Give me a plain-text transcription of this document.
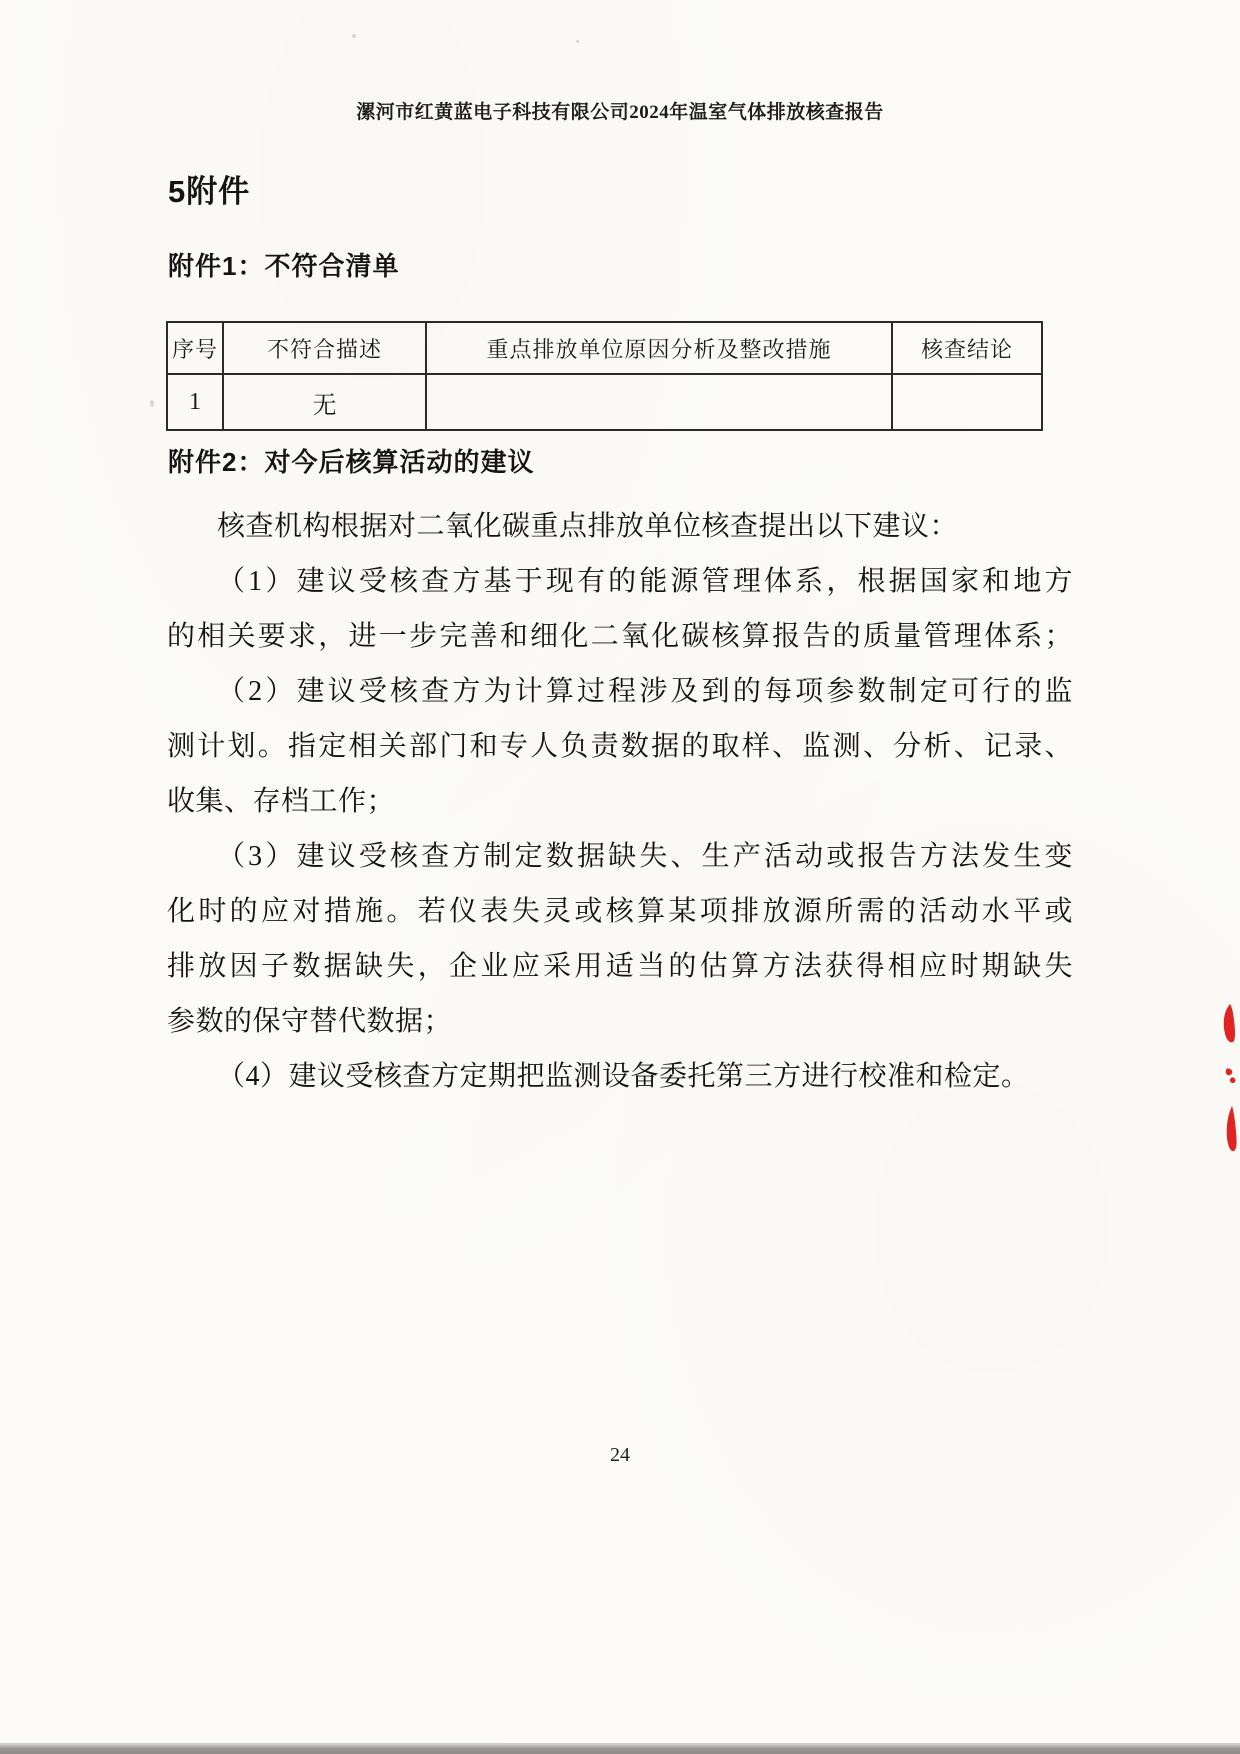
漯河市红黄蓝电子科技有限公司2024年温室气体排放核查报告
5附件
附件1：不符合清单
序号	不符合描述	重点排放单位原因分析及整改措施	核查结论
1	无		
附件2：对今后核算活动的建议
核查机构根据对二氧化碳重点排放单位核查提出以下建议：
（1）建议受核查方基于现有的能源管理体系，根据国家和地方
的相关要求，进一步完善和细化二氧化碳核算报告的质量管理体系；
（2）建议受核查方为计算过程涉及到的每项参数制定可行的监
测计划。指定相关部门和专人负责数据的取样、监测、分析、记录、
收集、存档工作；
（3）建议受核查方制定数据缺失、生产活动或报告方法发生变
化时的应对措施。若仪表失灵或核算某项排放源所需的活动水平或
排放因子数据缺失，企业应采用适当的估算方法获得相应时期缺失
参数的保守替代数据；
（4）建议受核查方定期把监测设备委托第三方进行校准和检定。
24
